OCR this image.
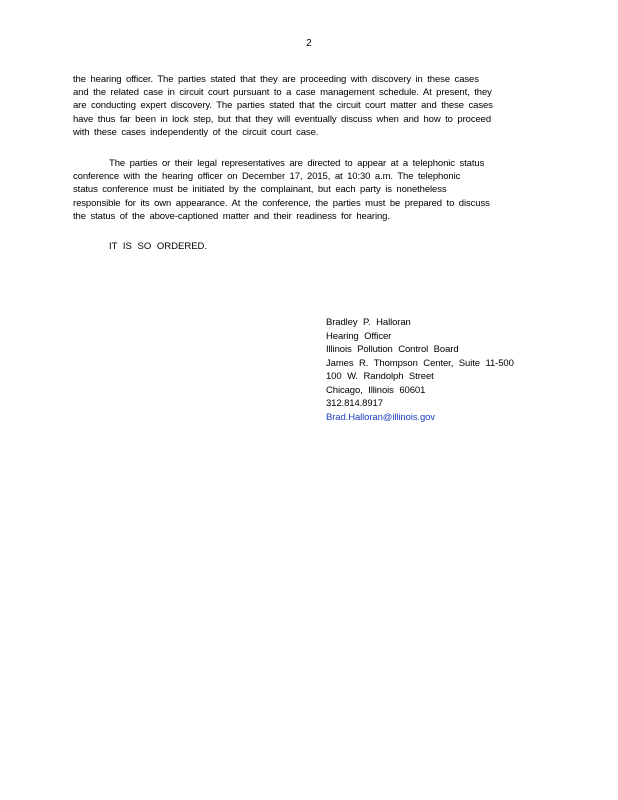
2

the hearing officer. The parties stated that they are proceeding with discovery in these cases
and the related case in circuit court pursuant to a case management schedule. At present, they
are conducting expert discovery. The parties stated that the circuit court matter and these cases
have thus far been in lock step, but that they will eventually discuss when and how to proceed
with these cases independently of the circuit court case.

The parties or their legal representatives are directed to appear at a telephonic status
conference with the hearing officer on December 17, 2015, at 10:30 a.m. The telephonic
status conference must be initiated by the complainant, but each party is nonetheless
responsible for its own appearance. At the conference, the parties must be prepared to discuss
the status of the above-captioned matter and their readiness for hearing.

IT IS SO ORDERED.
Bradley P. Halloran
Hearing Officer
Illinois Pollution Control Board
James R. Thompson Center, Suite 11-500
100 W. Randolph Street
Chicago, Illinois 60601
312.814.8917
Brad.Halloran@illinois.gov
